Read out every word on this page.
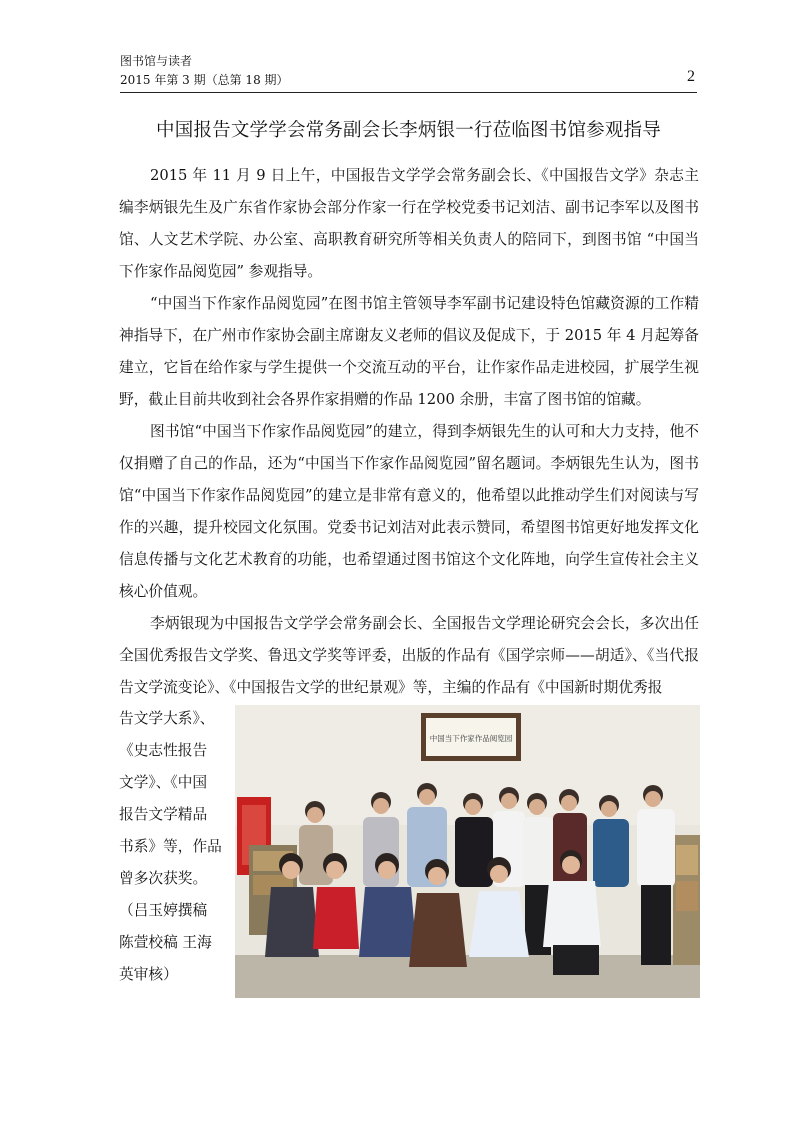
图书馆与读者
2015 年第 3 期（总第 18 期）	2
中国报告文学学会常务副会长李炳银一行莅临图书馆参观指导

2015 年 11 月 9 日上午，中国报告文学学会常务副会长、《中国报告文学》杂志主编李炳银先生及广东省作家协会部分作家一行在学校党委书记刘洁、副书记李军以及图书馆、人文艺术学院、办公室、高职教育研究所等相关负责人的陪同下，到图书馆 “中国当下作家作品阅览园” 参观指导。

“中国当下作家作品阅览园”在图书馆主管领导李军副书记建设特色馆藏资源的工作精神指导下，在广州市作家协会副主席谢友义老师的倡议及促成下，于 2015 年 4 月起筹备建立，它旨在给作家与学生提供一个交流互动的平台，让作家作品走进校园，扩展学生视野，截止目前共收到社会各界作家捐赠的作品 1200 余册，丰富了图书馆的馆藏。

图书馆“中国当下作家作品阅览园”的建立，得到李炳银先生的认可和大力支持，他不仅捐赠了自己的作品，还为“中国当下作家作品阅览园”留名题词。李炳银先生认为，图书馆“中国当下作家作品阅览园”的建立是非常有意义的，他希望以此推动学生们对阅读与写作的兴趣，提升校园文化氛围。党委书记刘洁对此表示赞同，希望图书馆更好地发挥文化信息传播与文化艺术教育的功能，也希望通过图书馆这个文化阵地，向学生宣传社会主义核心价值观。

李炳银现为中国报告文学学会常务副会长、全国报告文学理论研究会会长，多次出任全国优秀报告文学奖、鲁迅文学奖等评委，出版的作品有《国学宗师——胡适》、《当代报告文学流变论》、《中国报告文学的世纪景观》等，主编的作品有《中国新时期优秀报

告文学大系》、
《史志性报告
文学》、《中国
报告文学精品
书系》等，作品
曾多次获奖。
（吕玉婷撰稿
陈萱校稿 王海
英审核）
中国当下作家作品阅览园
